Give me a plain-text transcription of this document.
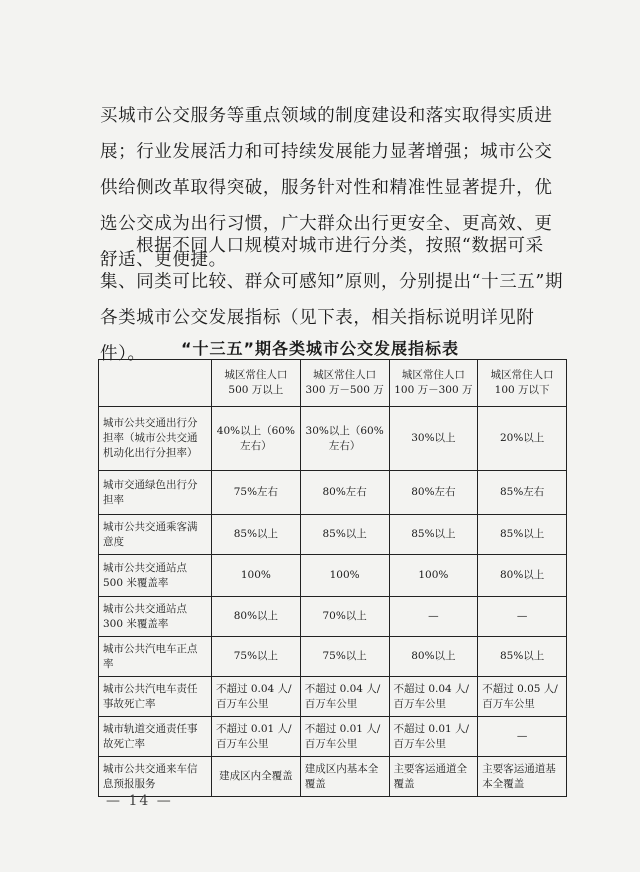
买城市公交服务等重点领域的制度建设和落实取得实质进展；行业发展活力和可持续发展能力显著增强；城市公交供给侧改革取得突破，服务针对性和精准性显著提升，优选公交成为出行习惯，广大群众出行更安全、更高效、更舒适、更便捷。
根据不同人口规模对城市进行分类，按照“数据可采集、同类可比较、群众可感知”原则，分别提出“十三五”期各类城市公交发展指标（见下表，相关指标说明详见附件）。	“十三五”期各类城市公交发展指标表
	城区常住人口500 万以上	城区常住人口300 万－500 万	城区常住人口100 万－300 万	城区常住人口100 万以下
城市公共交通出行分担率（城市公共交通机动化出行分担率）	40%以上（60%左右）	30%以上（60%左右）	30%以上	20%以上
城市交通绿色出行分担率	75%左右	80%左右	80%左右	85%左右
城市公共交通乘客满意度	85%以上	85%以上	85%以上	85%以上
城市公共交通站点500 米覆盖率	100%	100%	100%	80%以上
城市公共交通站点300 米覆盖率	80%以上	70%以上	—	—
城市公共汽电车正点率	75%以上	75%以上	80%以上	85%以上
城市公共汽电车责任事故死亡率	不超过 0.04 人/百万车公里	不超过 0.04 人/百万车公里	不超过 0.04 人/百万车公里	不超过 0.05 人/百万车公里
城市轨道交通责任事故死亡率	不超过 0.01 人/百万车公里	不超过 0.01 人/百万车公里	不超过 0.01 人/百万车公里	—
城市公共交通来车信息预报服务	建成区内全覆盖	建成区内基本全覆盖	主要客运通道全覆盖	主要客运通道基本全覆盖
— 14 —
